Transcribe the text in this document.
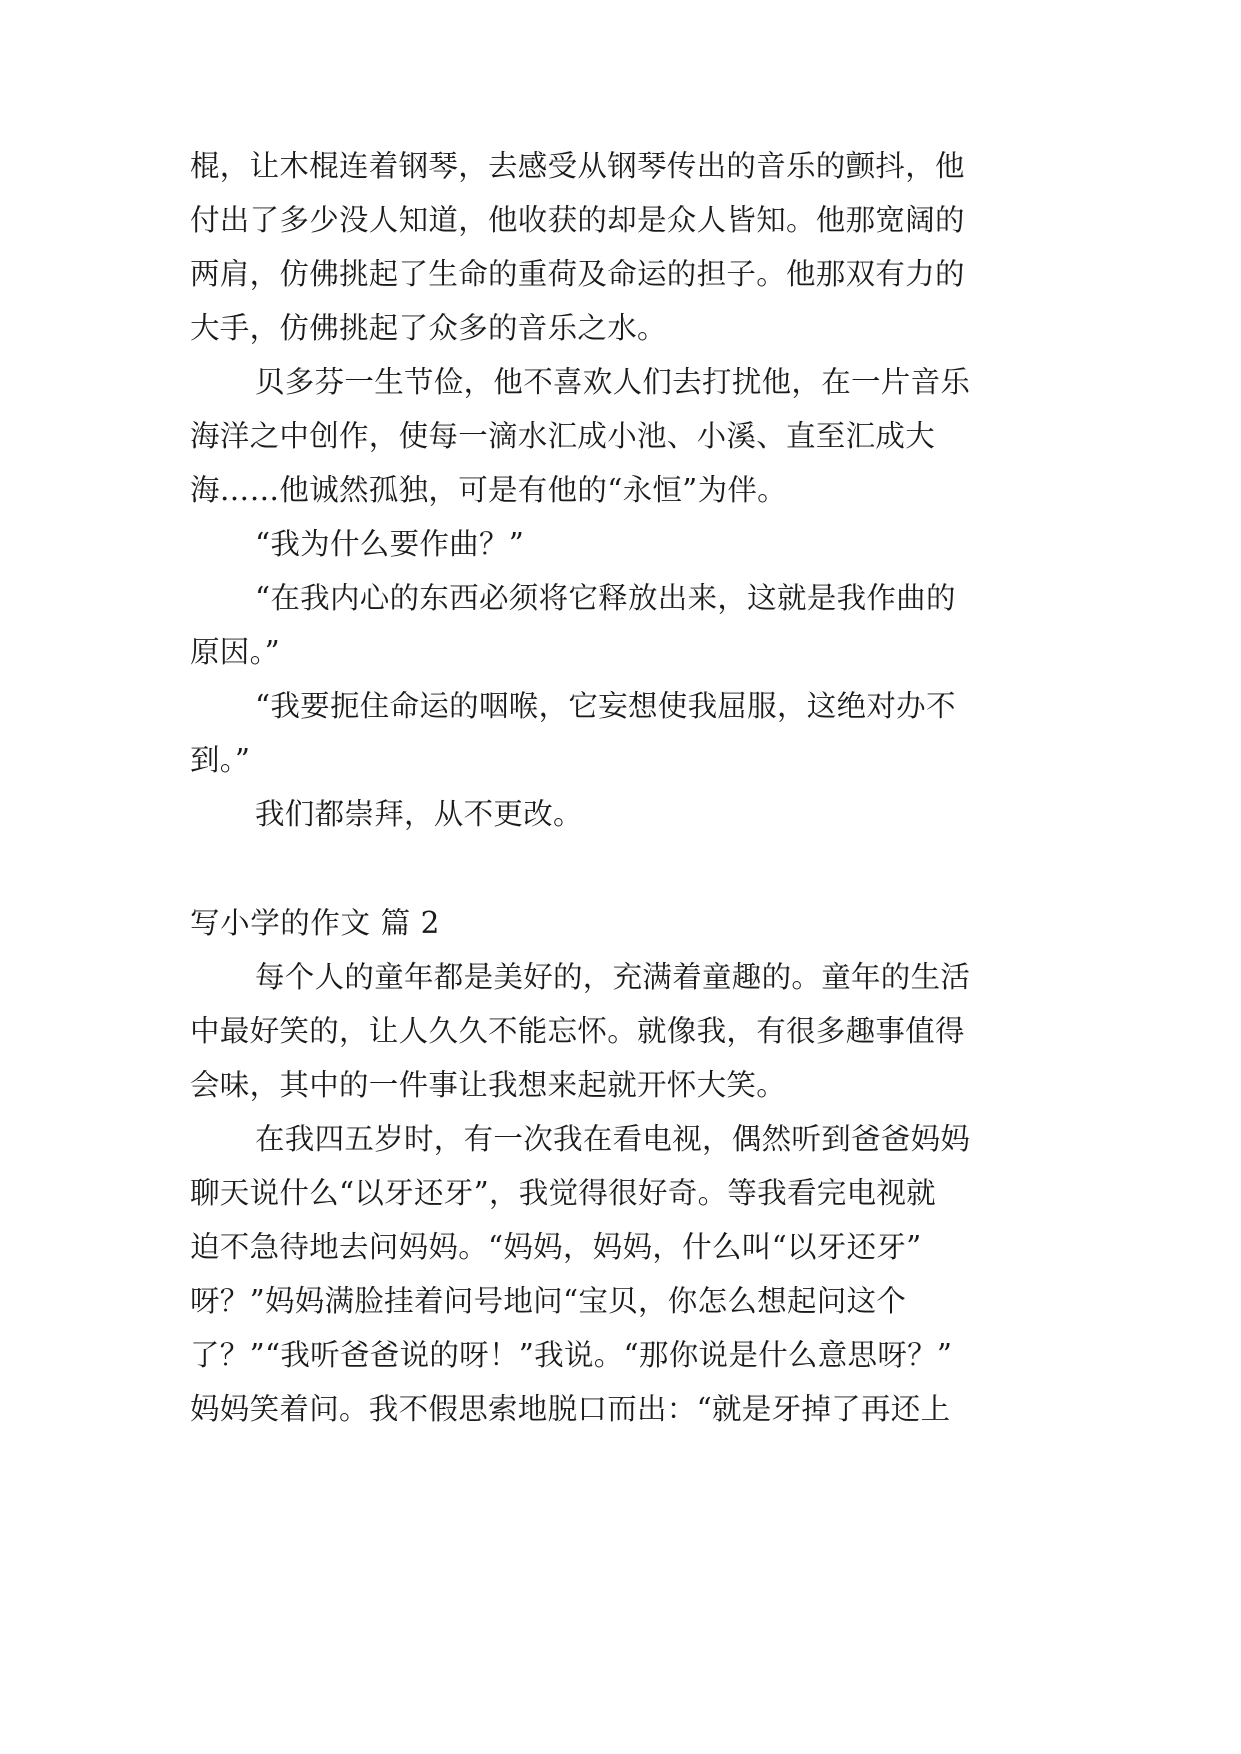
棍，让木棍连着钢琴，去感受从钢琴传出的音乐的颤抖，他
付出了多少没人知道，他收获的却是众人皆知。他那宽阔的
两肩，仿佛挑起了生命的重荷及命运的担子。他那双有力的
大手，仿佛挑起了众多的音乐之水。
贝多芬一生节俭，他不喜欢人们去打扰他，在一片音乐
海洋之中创作，使每一滴水汇成小池、小溪、直至汇成大
海……他诚然孤独，可是有他的“永恒”为伴。
“我为什么要作曲？”
“在我内心的东西必须将它释放出来，这就是我作曲的
原因。”
“我要扼住命运的咽喉，它妄想使我屈服，这绝对办不
到。”
我们都崇拜，从不更改。
写小学的作文 篇 2
每个人的童年都是美好的，充满着童趣的。童年的生活
中最好笑的，让人久久不能忘怀。就像我，有很多趣事值得
会味，其中的一件事让我想来起就开怀大笑。
在我四五岁时，有一次我在看电视，偶然听到爸爸妈妈
聊天说什么“以牙还牙”，我觉得很好奇。等我看完电视就
迫不急待地去问妈妈。“妈妈，妈妈，什么叫“以牙还牙”
呀？”妈妈满脸挂着问号地问“宝贝，你怎么想起问这个
了？”“我听爸爸说的呀！”我说。“那你说是什么意思呀？”
妈妈笑着问。我不假思索地脱口而出：“就是牙掉了再还上
